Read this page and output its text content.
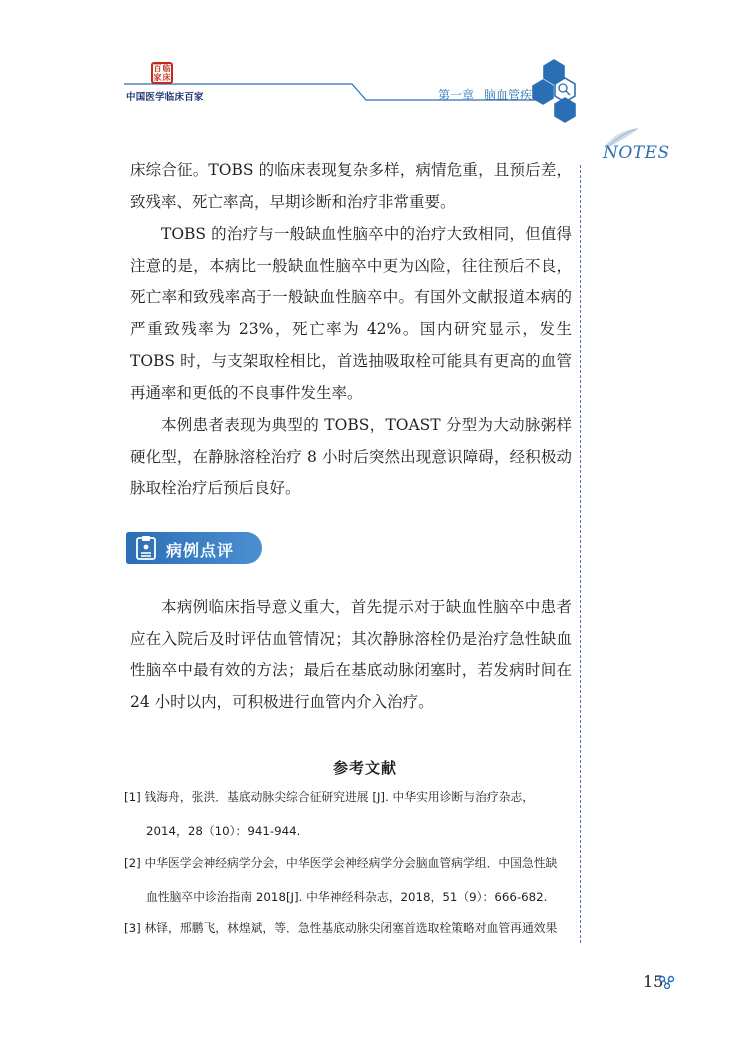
百 临
家 床
中国医学临床百家	第一章 脑血管疾病
NOTES

床综合征。TOBS 的临床表现复杂多样，病情危重，且预后差，致残率、死亡率高，早期诊断和治疗非常重要。

TOBS 的治疗与一般缺血性脑卒中的治疗大致相同，但值得注意的是，本病比一般缺血性脑卒中更为凶险，往往预后不良，死亡率和致残率高于一般缺血性脑卒中。有国外文献报道本病的严重致残率为 23%，死亡率为 42%。国内研究显示，发生 TOBS 时，与支架取栓相比，首选抽吸取栓可能具有更高的血管再通率和更低的不良事件发生率。

本例患者表现为典型的 TOBS，TOAST 分型为大动脉粥样硬化型，在静脉溶栓治疗 8 小时后突然出现意识障碍，经积极动脉取栓治疗后预后良好。

病例点评

本病例临床指导意义重大，首先提示对于缺血性脑卒中患者应在入院后及时评估血管情况；其次静脉溶栓仍是治疗急性缺血性脑卒中最有效的方法；最后在基底动脉闭塞时，若发病时间在 24 小时以内，可积极进行血管内介入治疗。

参考文献

[1] 钱海舟，张洪．基底动脉尖综合征研究进展 [J]. 中华实用诊断与治疗杂志，
2014，28（10）：941-944.

[2] 中华医学会神经病学分会，中华医学会神经病学分会脑血管病学组．中国急性缺
血性脑卒中诊治指南 2018[J]. 中华神经科杂志，2018，51（9）：666-682.

[3] 林铎，邢鹏飞，林煌斌，等．急性基底动脉尖闭塞首选取栓策略对血管再通效果

15
